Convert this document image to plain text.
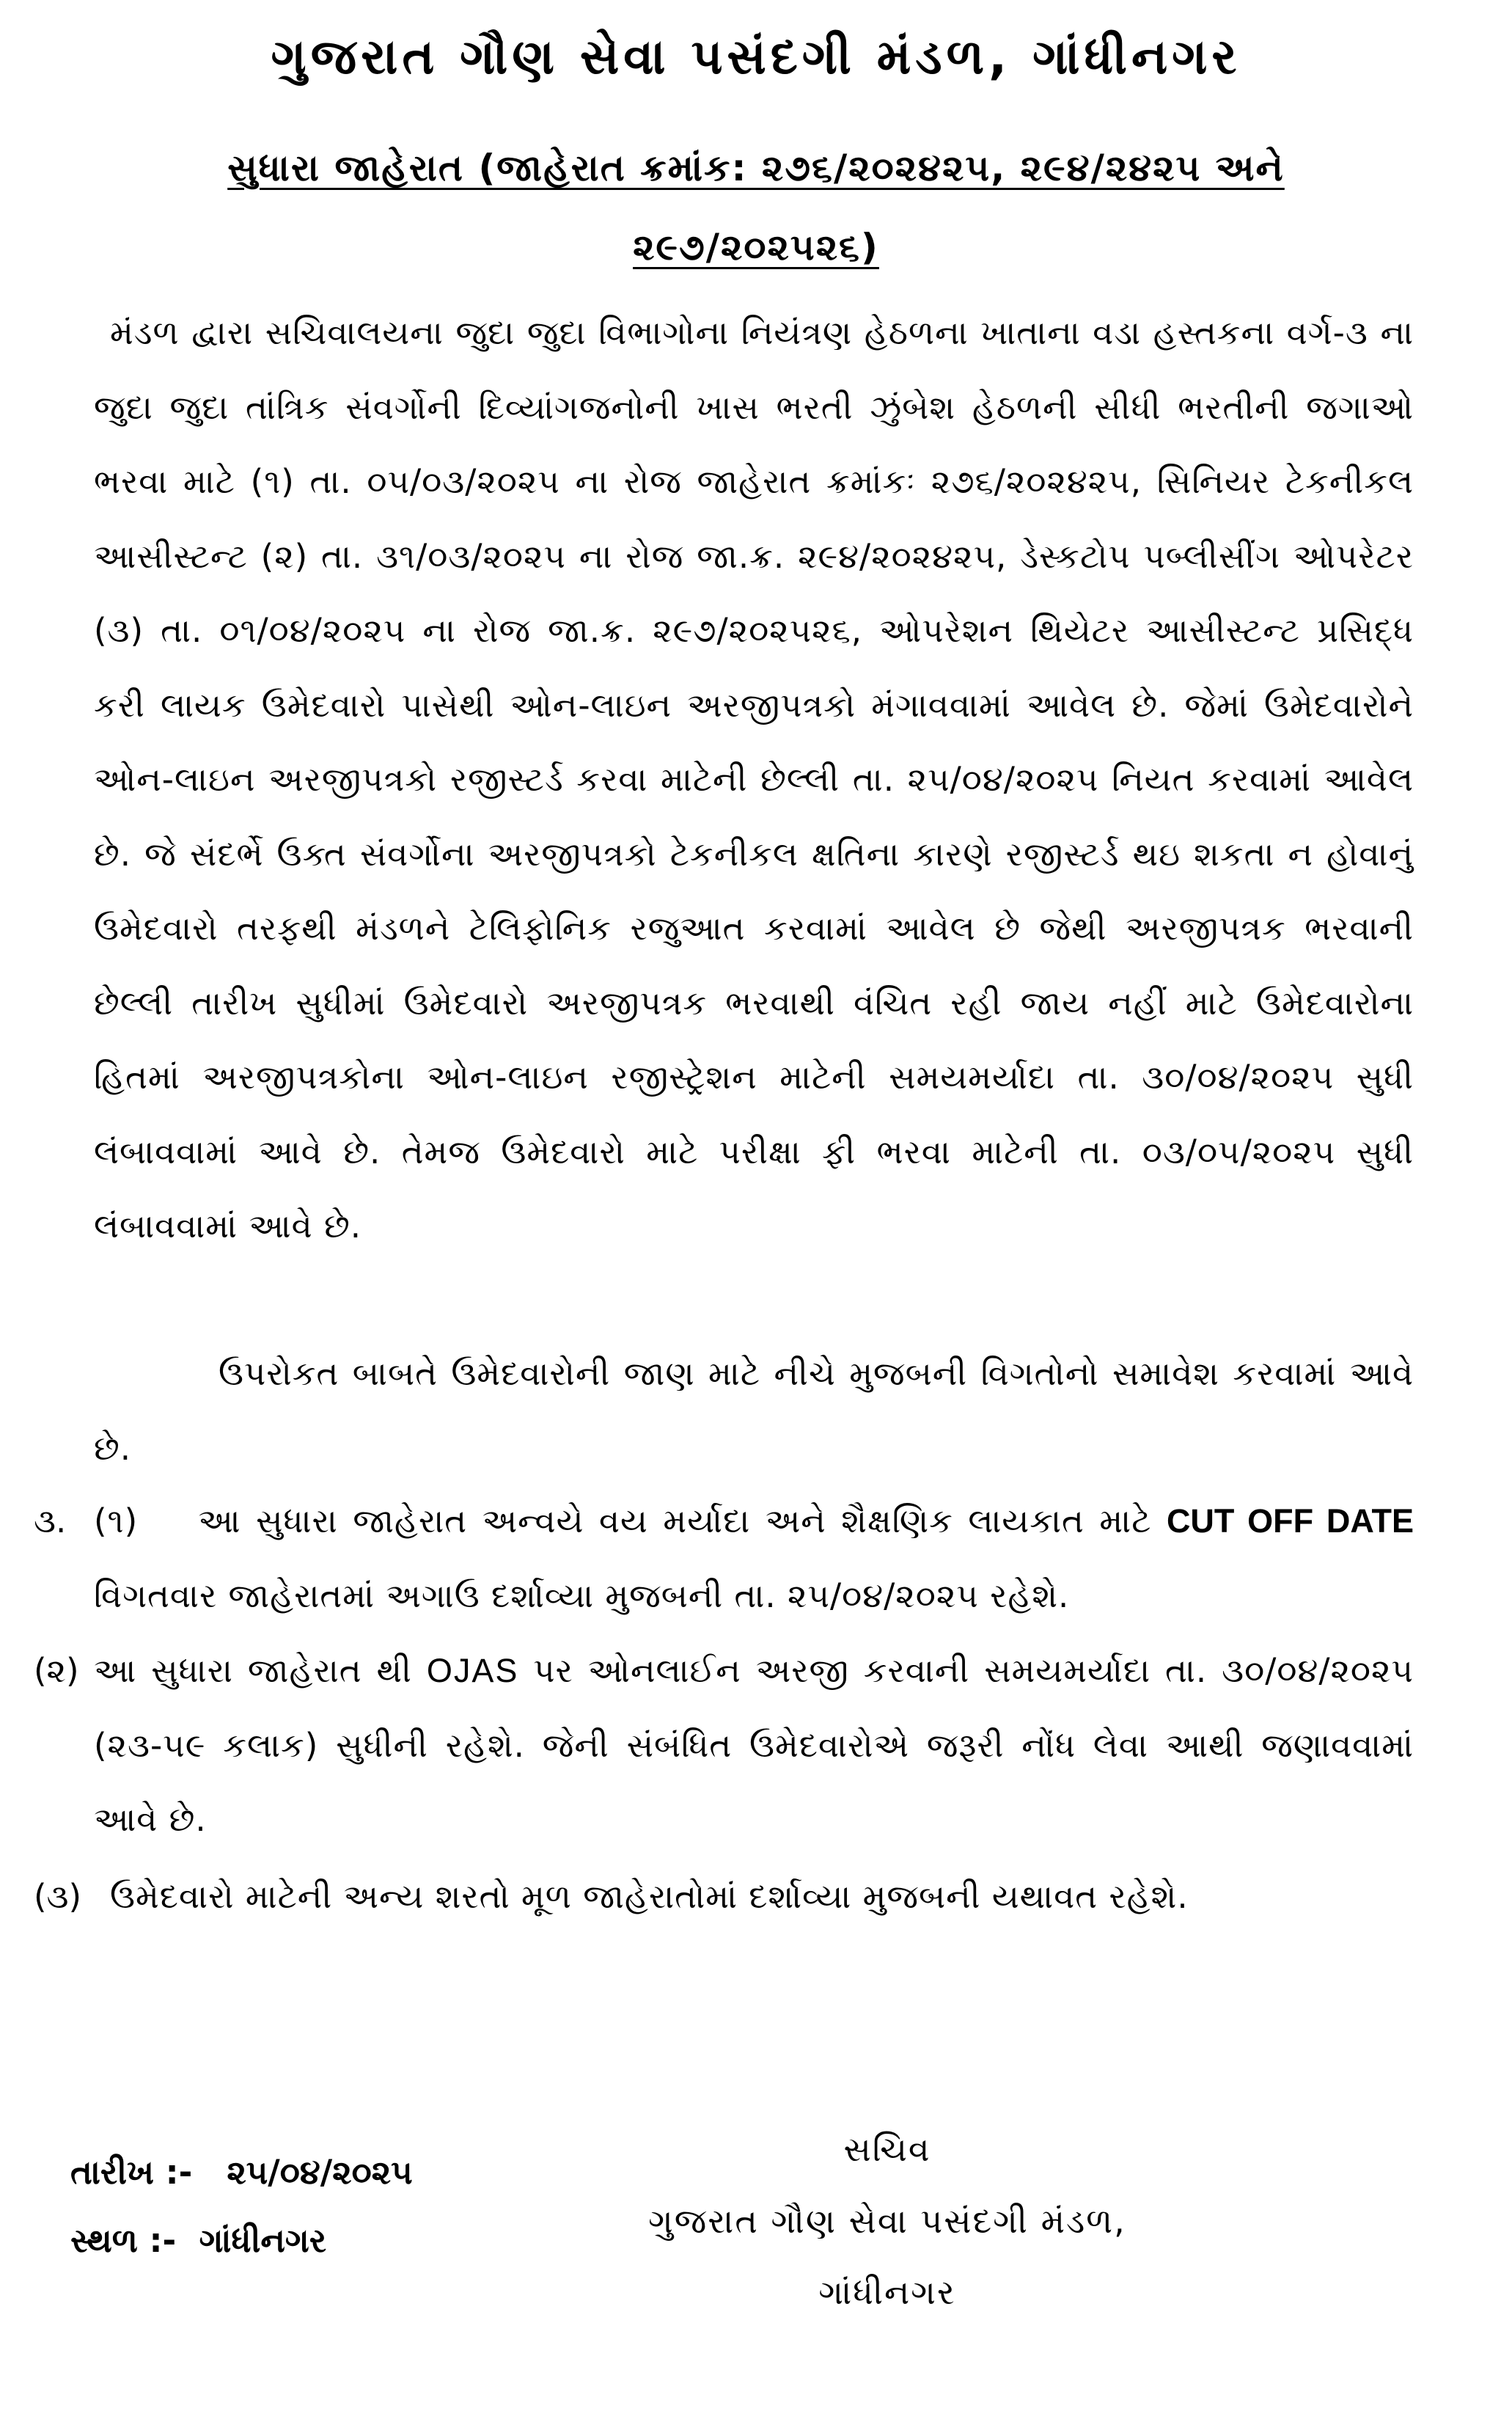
ગુજરાત ગૌણ સેવા પસંદગી મંડળ, ગાંધીનગર
સુધારા જાહેરાત (જાહેરાત ક્રમાંક: ૨૭૬/૨૦૨૪૨૫, ૨૯૪/૨૪૨૫ અને ૨૯૭/૨૦૨૫૨૬)
મંડળ દ્વારા સચિવાલયના જુદા જુદા વિભાગોના નિયંત્રણ હેઠળના ખાતાના વડા હસ્તકના વર્ગ-૩ ના જુદા જુદા તાંત્રિક સંવર્ગોની દિવ્યાંગજનોની ખાસ ભરતી ઝુંબેશ હેઠળની સીધી ભરતીની જગાઓ ભરવા માટે (૧) તા. ૦૫/૦૩/૨૦૨૫ ના રોજ જાહેરાત ક્રમાંકઃ ૨૭૬/૨૦૨૪૨૫, સિનિયર ટેકનીકલ આસીસ્ટન્ટ (૨) તા. ૩૧/૦૩/૨૦૨૫ ના રોજ જા.ક્ર. ૨૯૪/૨૦૨૪૨૫, ડેસ્કટોપ પબ્લીસીંગ ઓપરેટર (૩) તા. ૦૧/૦૪/૨૦૨૫ ના રોજ જા.ક્ર. ૨૯૭/૨૦૨૫૨૬, ઓપરેશન થિયેટર આસીસ્ટન્ટ પ્રસિદ્ધ કરી લાયક ઉમેદવારો પાસેથી ઓન-લાઇન અરજીપત્રકો મંગાવવામાં આવેલ છે. જેમાં ઉમેદવારોને ઓન-લાઇન અરજીપત્રકો રજીસ્ટર્ડ કરવા માટેની છેલ્લી તા. ૨૫/૦૪/૨૦૨૫ નિયત કરવામાં આવેલ છે. જે સંદર્ભે ઉક્ત સંવર્ગોના અરજીપત્રકો ટેકનીકલ ક્ષતિના કારણે રજીસ્ટર્ડ થઇ શકતા ન હોવાનું ઉમેદવારો તરફથી મંડળને ટેલિફોનિક રજુઆત કરવામાં આવેલ છે જેથી અરજીપત્રક ભરવાની છેલ્લી તારીખ સુધીમાં ઉમેદવારો અરજીપત્રક ભરવાથી વંચિત રહી જાય નહીં માટે ઉમેદવારોના હિતમાં અરજીપત્રકોના ઓન-લાઇન રજીસ્ટ્રેશન માટેની સમયમર્યાદા તા. ૩૦/૦૪/૨૦૨૫ સુધી લંબાવવામાં આવે છે. તેમજ ઉમેદવારો માટે પરીક્ષા ફી ભરવા માટેની તા. ૦૩/૦૫/૨૦૨૫ સુધી લંબાવવામાં આવે છે.
ઉપરોકત બાબતે ઉમેદવારોની જાણ માટે નીચે મુજબની વિગતોનો સમાવેશ કરવામાં આવે છે.
૩. (૧) આ સુધારા જાહેરાત અન્વયે વય મર્યાદા અને શૈક્ષણિક લાયકાત માટે CUT OFF DATE વિગતવાર જાહેરાતમાં અગાઉ દર્શાવ્યા મુજબની તા. ૨૫/૦૪/૨૦૨૫ રહેશે.
(૨) આ સુધારા જાહેરાત થી OJAS પર ઓનલાઈન અરજી કરવાની સમયમર્યાદા તા. ૩૦/૦૪/૨૦૨૫ (૨૩-૫૯ કલાક) સુધીની રહેશે. જેની સંબંધિત ઉમેદવારોએ જરૂરી નોંધ લેવા આથી જણાવવામાં આવે છે.
(૩) ઉમેદવારો માટેની અન્ય શરતો મૂળ જાહેરાતોમાં દર્શાવ્યા મુજબની યથાવત રહેશે.
તારીખ :- ૨૫/૦૪/૨૦૨૫
સ્થળ :- ગાંધીનગર
સચિવ
ગુજરાત ગૌણ સેવા પસંદગી મંડળ,
ગાંધીનગર
